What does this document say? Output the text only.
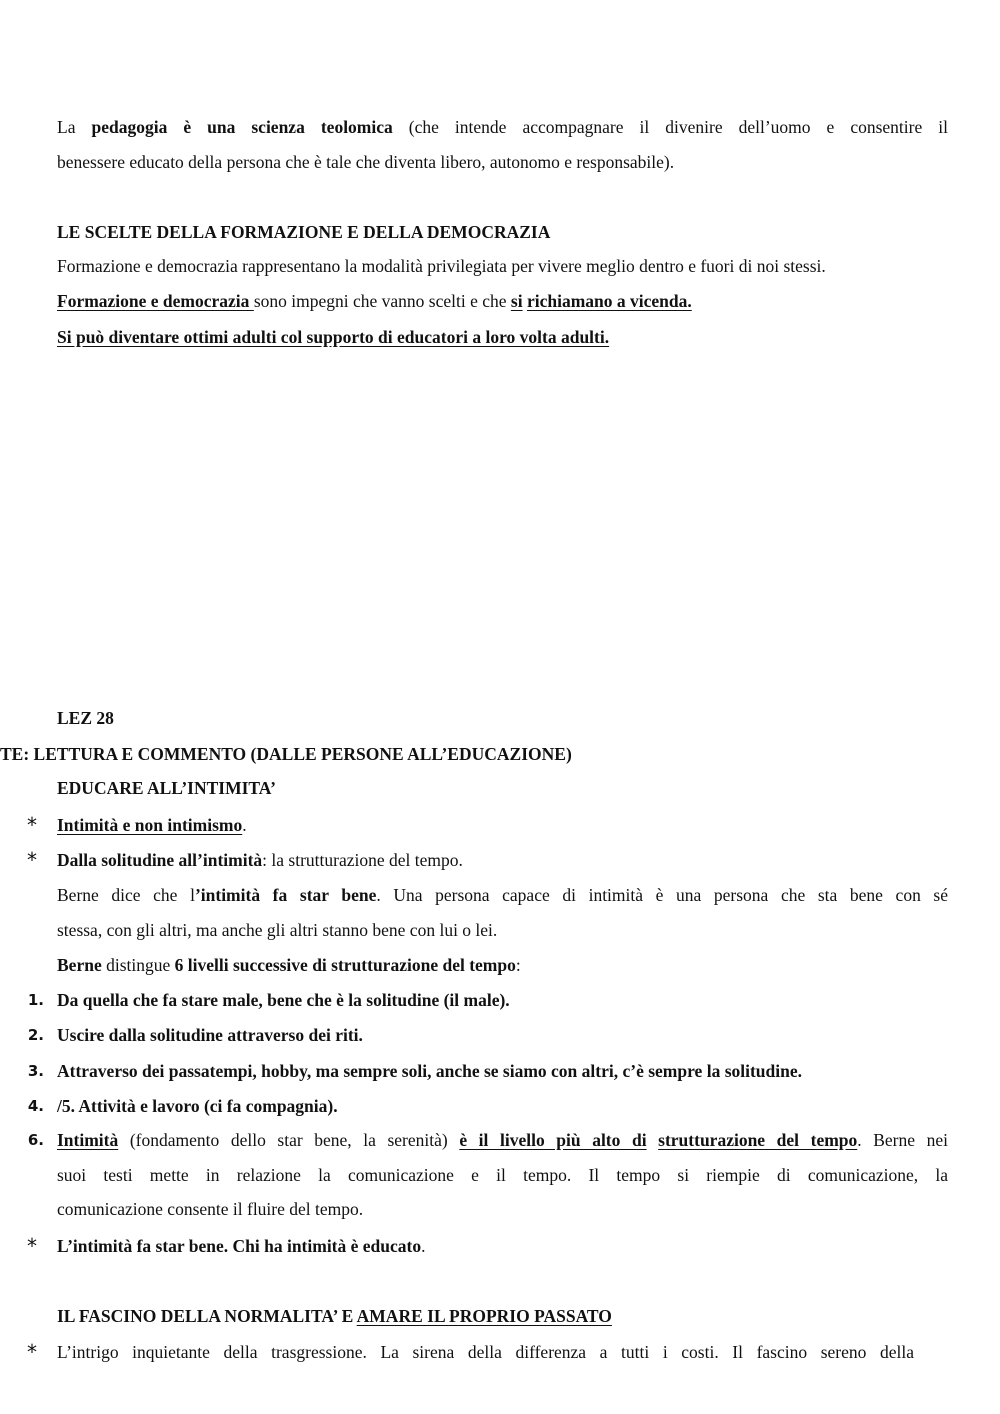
La pedagogia è una scienza teolomica (che intende accompagnare il divenire dell’uomo e consentire il
benessere educato della persona che è tale che diventa libero, autonomo e responsabile).
LE SCELTE DELLA FORMAZIONE E DELLA DEMOCRAZIA
Formazione e democrazia rappresentano la modalità privilegiata per vivere meglio dentro e fuori di noi stessi.
Formazione e democrazia sono impegni che vanno scelti e che si richiamano a vicenda.
Si può diventare ottimi adulti col supporto di educatori a loro volta adulti.
LEZ 28
TE: LETTURA E COMMENTO (DALLE PERSONE ALL’EDUCAZIONE)
EDUCARE ALL’INTIMITA’
* Intimità e non intimismo.
* Dalla solitudine all’intimità: la strutturazione del tempo.
Berne dice che l’intimità fa star bene. Una persona capace di intimità è una persona che sta bene con sé
stessa, con gli altri, ma anche gli altri stanno bene con lui o lei.
Berne distingue 6 livelli successive di strutturazione del tempo:
1. Da quella che fa stare male, bene che è la solitudine (il male).
2. Uscire dalla solitudine attraverso dei riti.
3. Attraverso dei passatempi, hobby, ma sempre soli, anche se siamo con altri, c’è sempre la solitudine.
4. /5. Attività e lavoro (ci fa compagnia).
6. Intimità (fondamento dello star bene, la serenità) è il livello più alto di strutturazione del tempo. Berne nei
suoi testi mette in relazione la comunicazione e il tempo. Il tempo si riempie di comunicazione, la
comunicazione consente il fluire del tempo.
* L’intimità fa star bene. Chi ha intimità è educato.
IL FASCINO DELLA NORMALITA’ E AMARE IL PROPRIO PASSATO
* L’intrigo inquietante della trasgressione. La sirena della differenza a tutti i costi. Il fascino sereno della
